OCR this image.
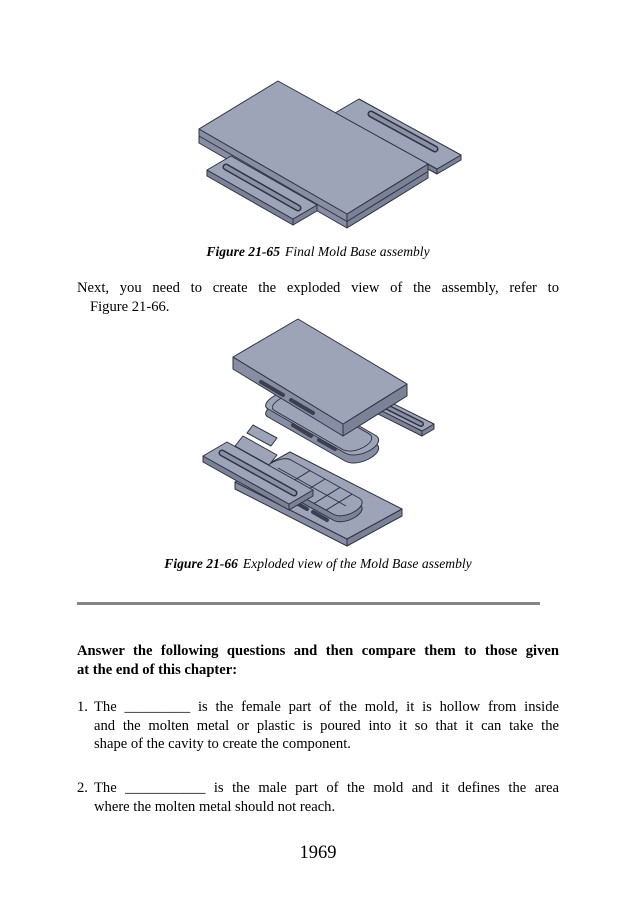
Figure 21-65 Final Mold Base assembly
Next, you need to create the exploded view of the assembly, refer to
Figure 21-66.
Figure 21-66 Exploded view of the Mold Base assembly
Answer the following questions and then compare them to those given
at the end of this chapter:
1. The _________ is the female part of the mold, it is hollow from inside
and the molten metal or plastic is poured into it so that it can take the
shape of the cavity to create the component.
2. The ___________ is the male part of the mold and it defines the area
where the molten metal should not reach.
1969
